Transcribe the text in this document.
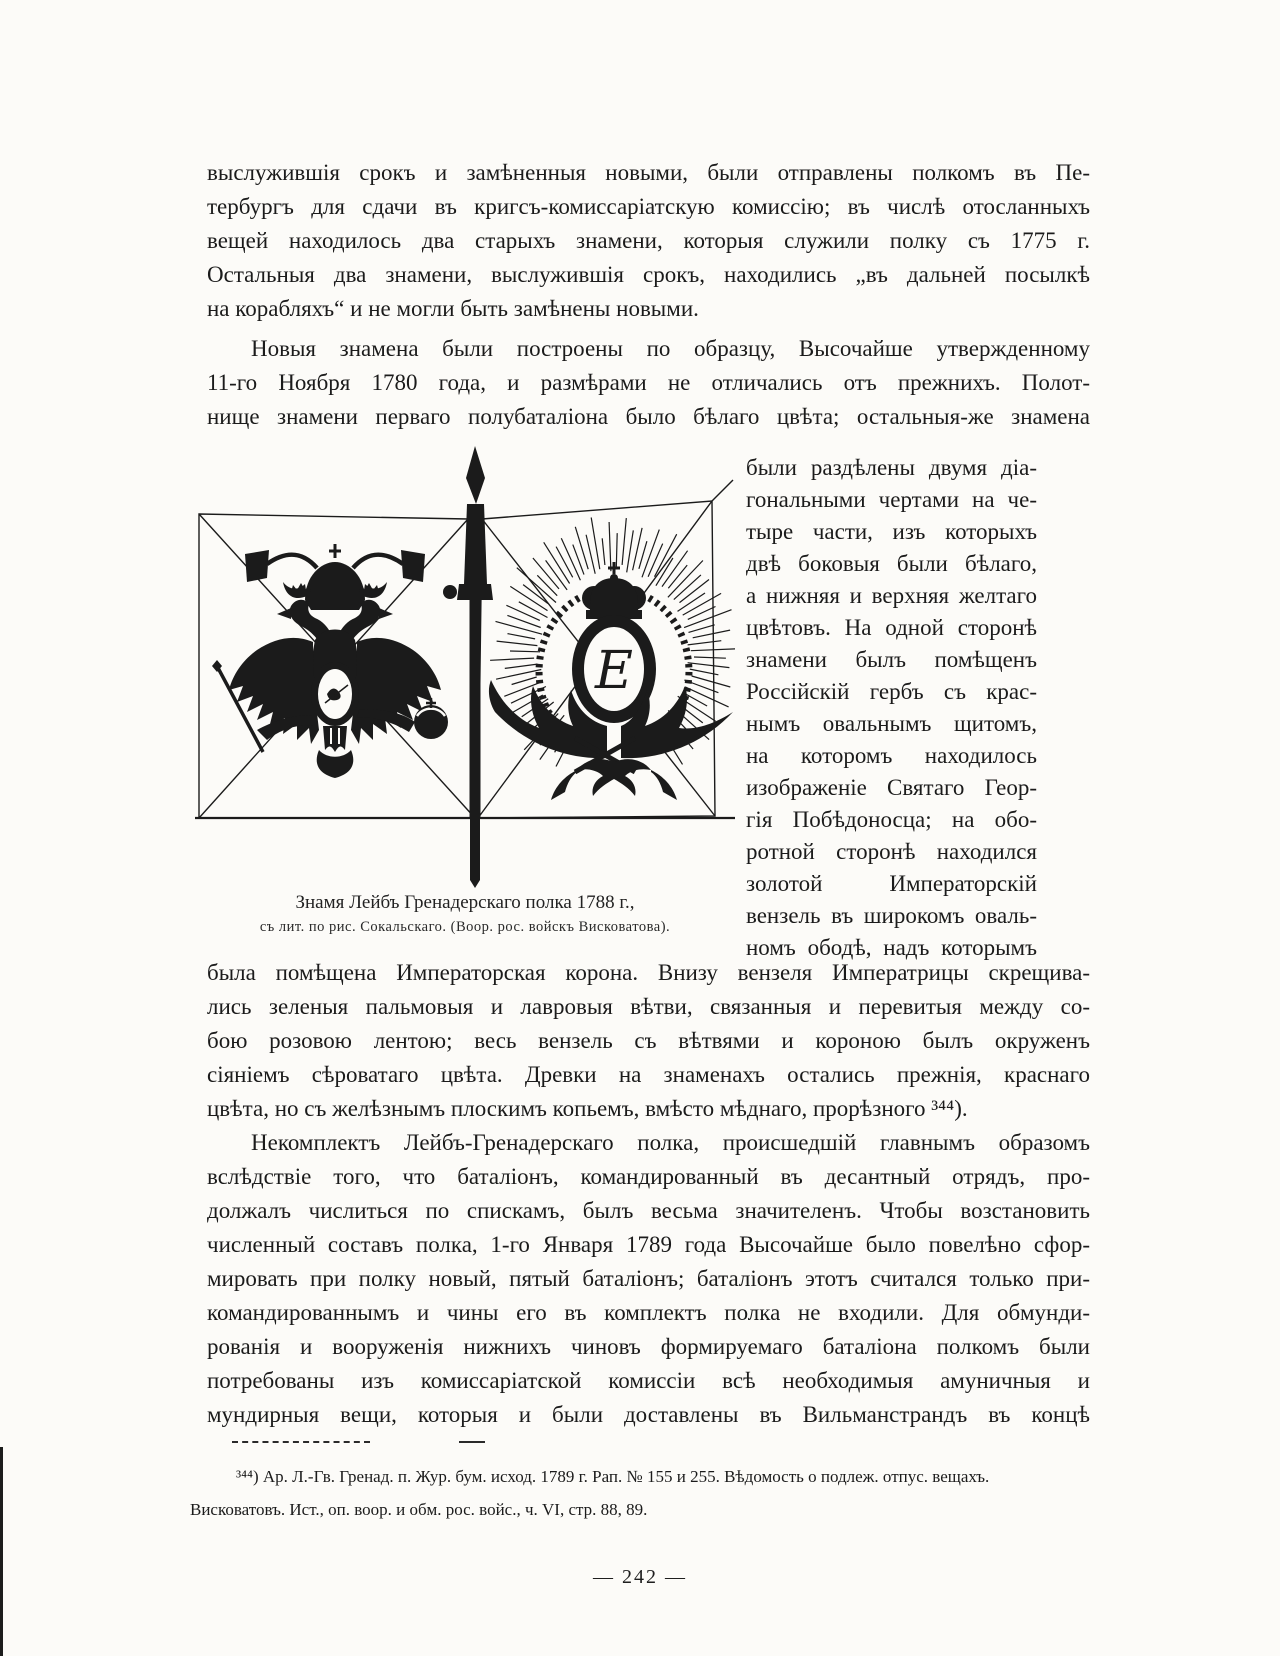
выслужившія срокъ и замѣненныя новыми, были отправлены полкомъ въ Пе-
тербургъ для сдачи въ кригсъ-комиссаріатскую комиссію; въ числѣ отосланныхъ
вещей находилось два старыхъ знамени, которыя служили полку съ 1775 г.
Остальныя два знамени, выслужившія срокъ, находились „въ дальней посылкѣ
на корабляхъ“ и не могли быть замѣнены новыми.
Новыя знамена были построены по образцу, Высочайше утвержденному
11-го Ноября 1780 года, и размѣрами не отличались отъ прежнихъ. Полот-
нище знамени перваго полубаталіона было бѣлаго цвѣта; остальныя-же знамена
Е
Знамя Лейбъ Гренадерскаго полка 1788 г.,
съ лит. по рис. Сокальскаго. (Воор. рос. войскъ Висковатова).
были раздѣлены двумя діа-
гональными чертами на че-
тыре части, изъ которыхъ
двѣ боковыя были бѣлаго,
а нижняя и верхняя желтаго
цвѣтовъ. На одной сторонѣ
знамени былъ помѣщенъ
Россійскій гербъ съ крас-
нымъ овальнымъ щитомъ,
на которомъ находилось
изображеніе Святаго Геор-
гія Побѣдоносца; на обо-
ротной сторонѣ находился
золотой Императорскій
вензель въ широкомъ оваль-
номъ ободѣ, надъ которымъ
была помѣщена Императорская корона. Внизу вензеля Императрицы скрещива-
лись зеленыя пальмовыя и лавровыя вѣтви, связанныя и перевитыя между со-
бою розовою лентою; весь вензель съ вѣтвями и короною былъ окруженъ
сіяніемъ сѣроватаго цвѣта. Древки на знаменахъ остались прежнія, краснаго
цвѣта, но съ желѣзнымъ плоскимъ копьемъ, вмѣсто мѣднаго, прорѣзного ³⁴⁴).
Некомплектъ Лейбъ-Гренадерскаго полка, происшедшій главнымъ образомъ
вслѣдствіе того, что баталіонъ, командированный въ десантный отрядъ, про-
должалъ числиться по спискамъ, былъ весьма значителенъ. Чтобы возстановить
численный составъ полка, 1-го Января 1789 года Высочайше было повелѣно сфор-
мировать при полку новый, пятый баталіонъ; баталіонъ этотъ считался только при-
командированнымъ и чины его въ комплектъ полка не входили. Для обмунди-
рованія и вооруженія нижнихъ чиновъ формируемаго баталіона полкомъ были
потребованы изъ комиссаріатской комиссіи всѣ необходимыя амуничныя и
мундирныя вещи, которыя и были доставлены въ Вильманстрандъ въ концѣ
³⁴⁴) Ар. Л.-Гв. Гренад. п. Жур. бум. исход. 1789 г. Рап. № 155 и 255. Вѣдомость о подлеж. отпус. вещахъ.
Висковатовъ. Ист., оп. воор. и обм. рос. войс., ч. VI, стр. 88, 89.
— 242 —
